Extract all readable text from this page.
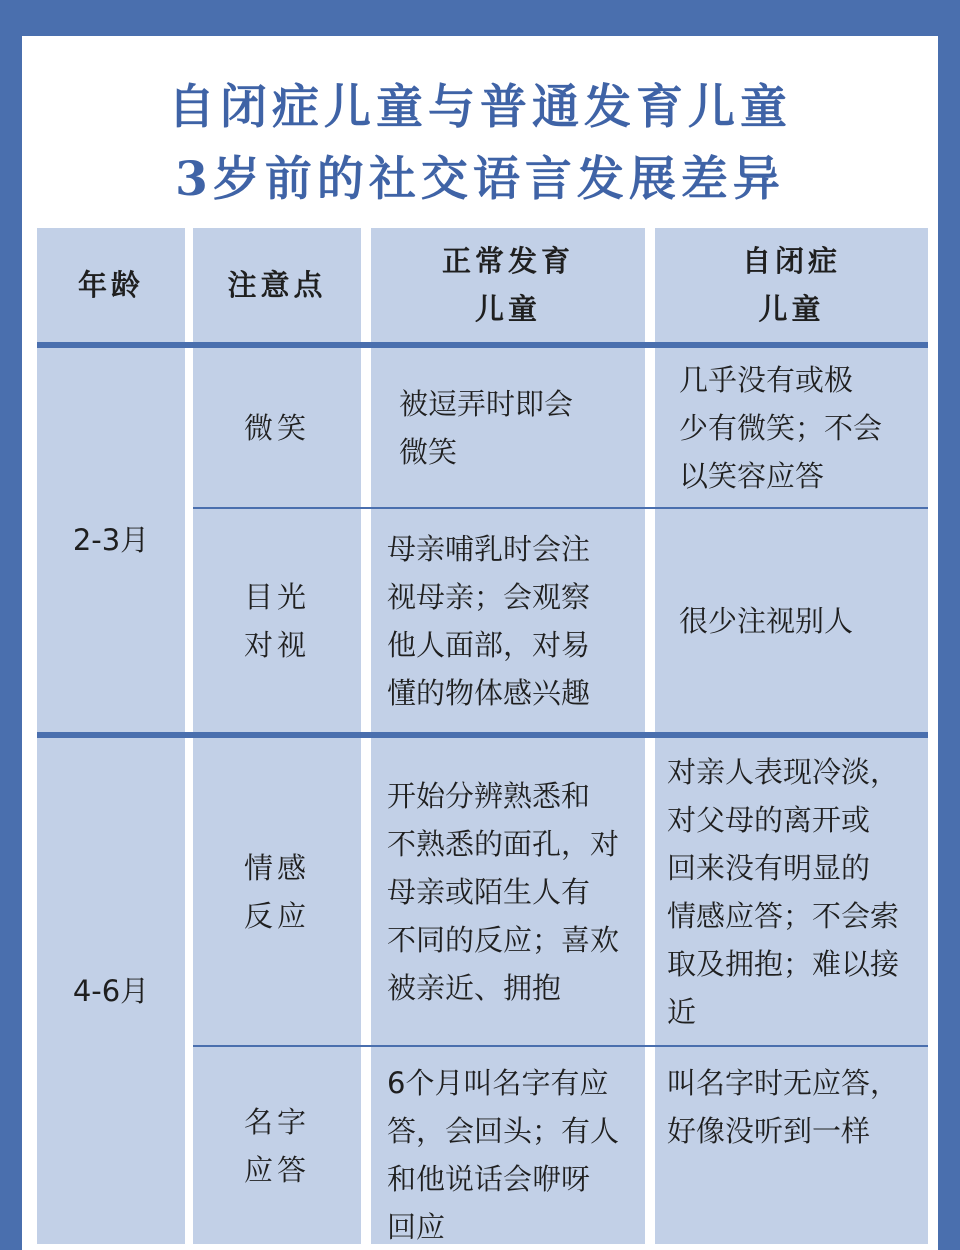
自闭症儿童与普通发育儿童
3岁前的社交语言发展差异
年龄	注意点
正常发育
儿童
自闭症
儿童
2-3月
微笑
被逗弄时即会
微笑
几乎没有或极
少有微笑；不会
以笑容应答
目光
对视
母亲哺乳时会注
视母亲；会观察
他人面部，对易
懂的物体感兴趣
很少注视别人
4-6月
情感
反应
开始分辨熟悉和
不熟悉的面孔，对
母亲或陌生人有
不同的反应；喜欢
被亲近、拥抱
对亲人表现冷淡，
对父母的离开或
回来没有明显的
情感应答；不会索
取及拥抱；难以接
近
名字
应答
6个月叫名字有应
答，会回头；有人
和他说话会咿呀
回应
叫名字时无应答，
好像没听到一样
